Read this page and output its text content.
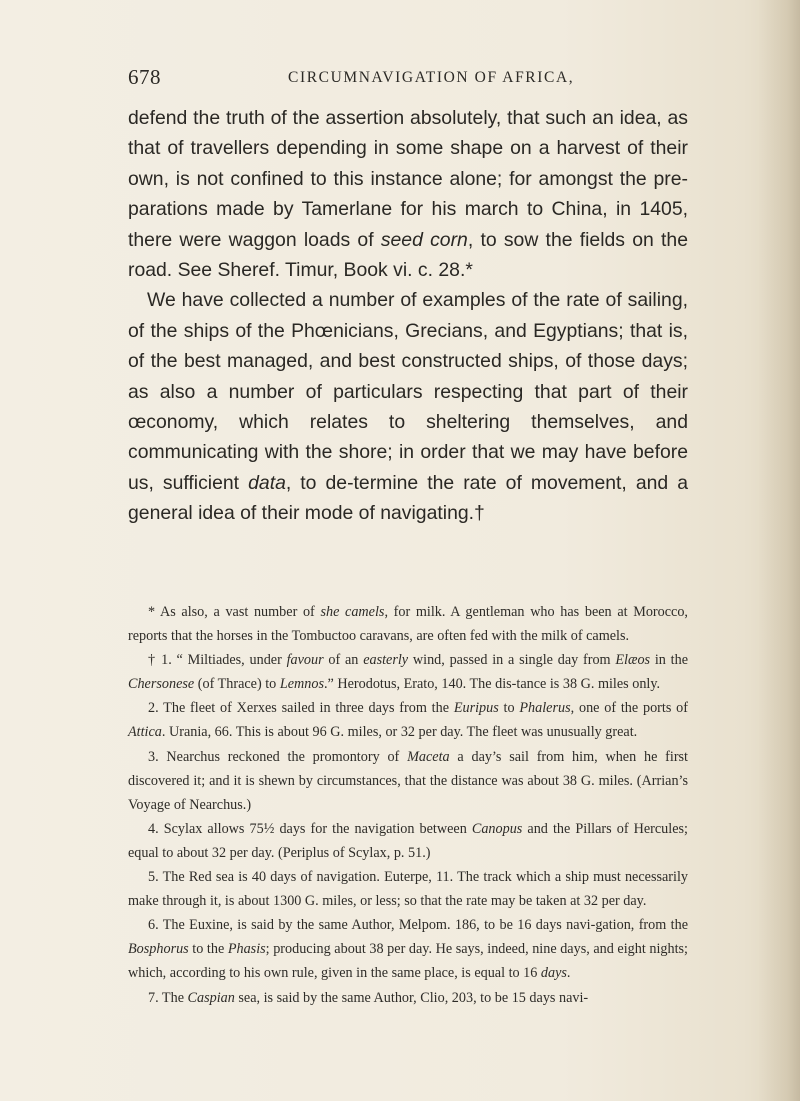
678	CIRCUMNAVIGATION OF AFRICA,

defend the truth of the assertion absolutely, that such an idea, as that of travellers depending in some shape on a harvest of their own, is not confined to this instance alone; for amongst the pre-parations made by Tamerlane for his march to China, in 1405, there were waggon loads of seed corn, to sow the fields on the road. See Sheref. Timur, Book vi. c. 28.*

We have collected a number of examples of the rate of sailing, of the ships of the Phœnicians, Grecians, and Egyptians; that is, of the best managed, and best constructed ships, of those days; as also a number of particulars respecting that part of their œconomy, which relates to sheltering themselves, and communicating with the shore; in order that we may have before us, sufficient data, to de-termine the rate of movement, and a general idea of their mode of navigating.†

* As also, a vast number of she camels, for milk. A gentleman who has been at Morocco, reports that the horses in the Tombuctoo caravans, are often fed with the milk of camels.

† 1. “ Miltiades, under favour of an easterly wind, passed in a single day from Elæos in the Chersonese (of Thrace) to Lemnos.” Herodotus, Erato, 140. The dis-tance is 38 G. miles only.

2. The fleet of Xerxes sailed in three days from the Euripus to Phalerus, one of the ports of Attica. Urania, 66. This is about 96 G. miles, or 32 per day. The fleet was unusually great.

3. Nearchus reckoned the promontory of Maceta a day’s sail from him, when he first discovered it; and it is shewn by circumstances, that the distance was about 38 G. miles. (Arrian’s Voyage of Nearchus.)

4. Scylax allows 75½ days for the navigation between Canopus and the Pillars of Hercules; equal to about 32 per day. (Periplus of Scylax, p. 51.)

5. The Red sea is 40 days of navigation. Euterpe, 11. The track which a ship must necessarily make through it, is about 1300 G. miles, or less; so that the rate may be taken at 32 per day.

6. The Euxine, is said by the same Author, Melpom. 186, to be 16 days navi-gation, from the Bosphorus to the Phasis; producing about 38 per day. He says, indeed, nine days, and eight nights; which, according to his own rule, given in the same place, is equal to 16 days.

7. The Caspian sea, is said by the same Author, Clio, 203, to be 15 days navi-
